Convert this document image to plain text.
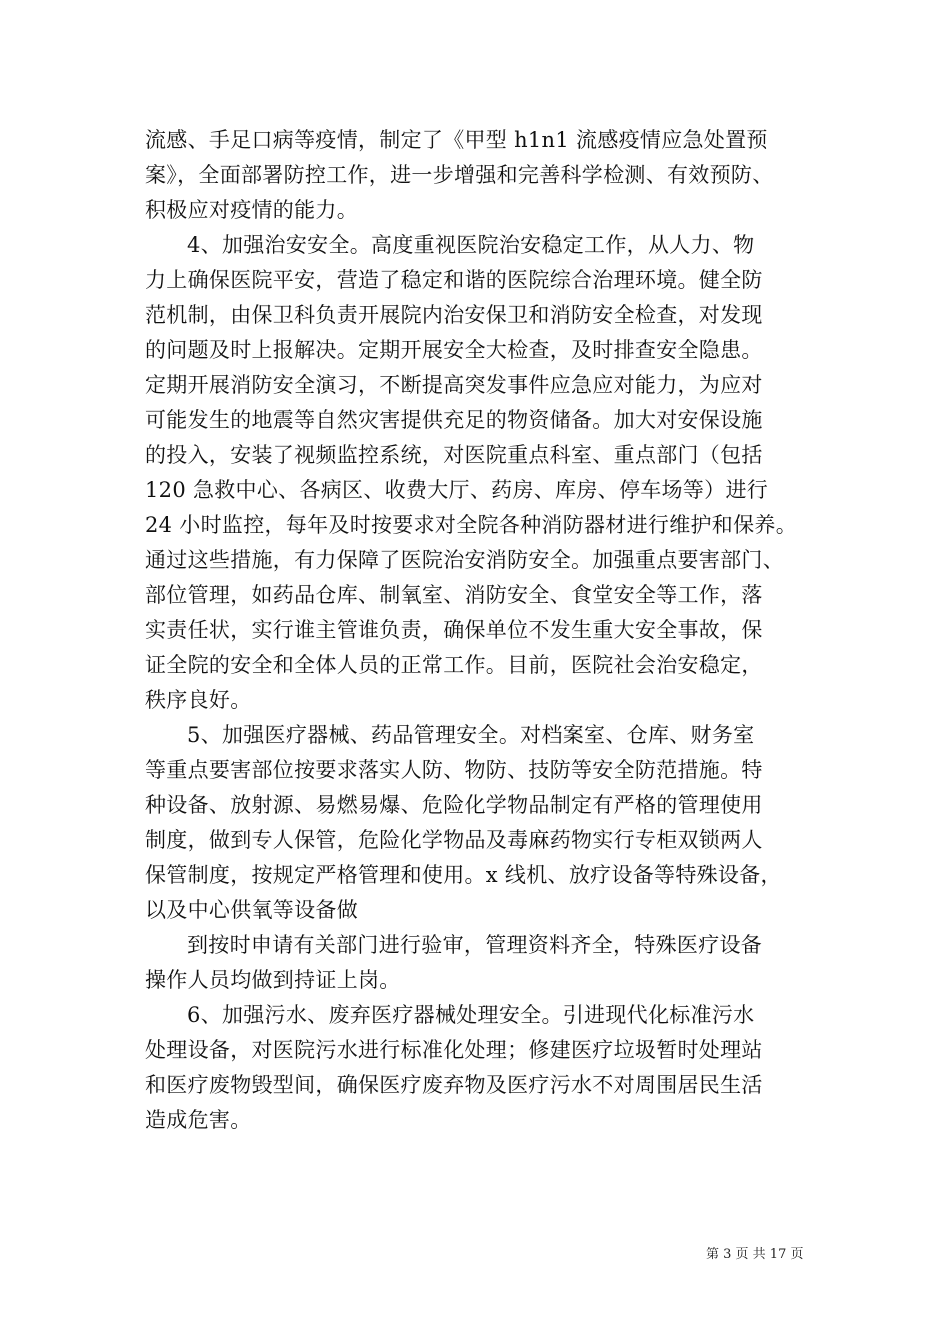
流感、手足口病等疫情，制定了《甲型 h1n1 流感疫情应急处置预
案》，全面部署防控工作，进一步增强和完善科学检测、有效预防、
积极应对疫情的能力。
4、加强治安安全。高度重视医院治安稳定工作，从人力、物
力上确保医院平安，营造了稳定和谐的医院综合治理环境。健全防
范机制，由保卫科负责开展院内治安保卫和消防安全检查，对发现
的问题及时上报解决。定期开展安全大检查，及时排查安全隐患。
定期开展消防安全演习，不断提高突发事件应急应对能力，为应对
可能发生的地震等自然灾害提供充足的物资储备。加大对安保设施
的投入，安装了视频监控系统，对医院重点科室、重点部门（包括
120 急救中心、各病区、收费大厅、药房、库房、停车场等）进行
24 小时监控，每年及时按要求对全院各种消防器材进行维护和保养。
通过这些措施，有力保障了医院治安消防安全。加强重点要害部门、
部位管理，如药品仓库、制氧室、消防安全、食堂安全等工作，落
实责任状，实行谁主管谁负责，确保单位不发生重大安全事故，保
证全院的安全和全体人员的正常工作。目前，医院社会治安稳定，
秩序良好。
5、加强医疗器械、药品管理安全。对档案室、仓库、财务室
等重点要害部位按要求落实人防、物防、技防等安全防范措施。特
种设备、放射源、易燃易爆、危险化学物品制定有严格的管理使用
制度，做到专人保管，危险化学物品及毒麻药物实行专柜双锁两人
保管制度，按规定严格管理和使用。x 线机、放疗设备等特殊设备，
以及中心供氧等设备做
到按时申请有关部门进行验审，管理资料齐全，特殊医疗设备
操作人员均做到持证上岗。
6、加强污水、废弃医疗器械处理安全。引进现代化标准污水
处理设备，对医院污水进行标准化处理；修建医疗垃圾暂时处理站
和医疗废物毁型间，确保医疗废弃物及医疗污水不对周围居民生活
造成危害。
第 3 页 共 17 页
